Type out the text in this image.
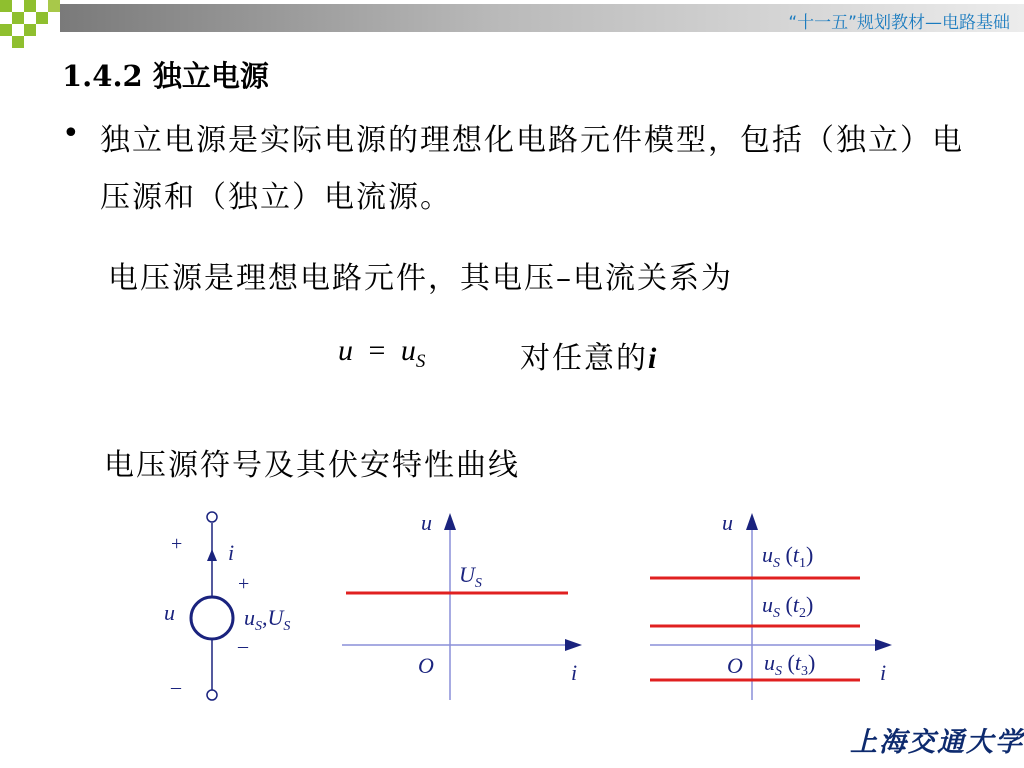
“十一五”规划教材—电路基础
1.4.2 独立电源
• 独立电源是实际电源的理想化电路元件模型，包括（独立）电压源和（独立）电流源。
电压源是理想电路元件，其电压–电流关系为
$u = u_S$	对任意的i
电压源符号及其伏安特性曲线
+
–
i
u
+
–
$u_S,U_S$
u
i
O
$U_S$
u
i
O
$u_S$ $(t_1)$
$u_S$ $(t_2)$
$u_S$ $(t_3)$
上海交通大学
